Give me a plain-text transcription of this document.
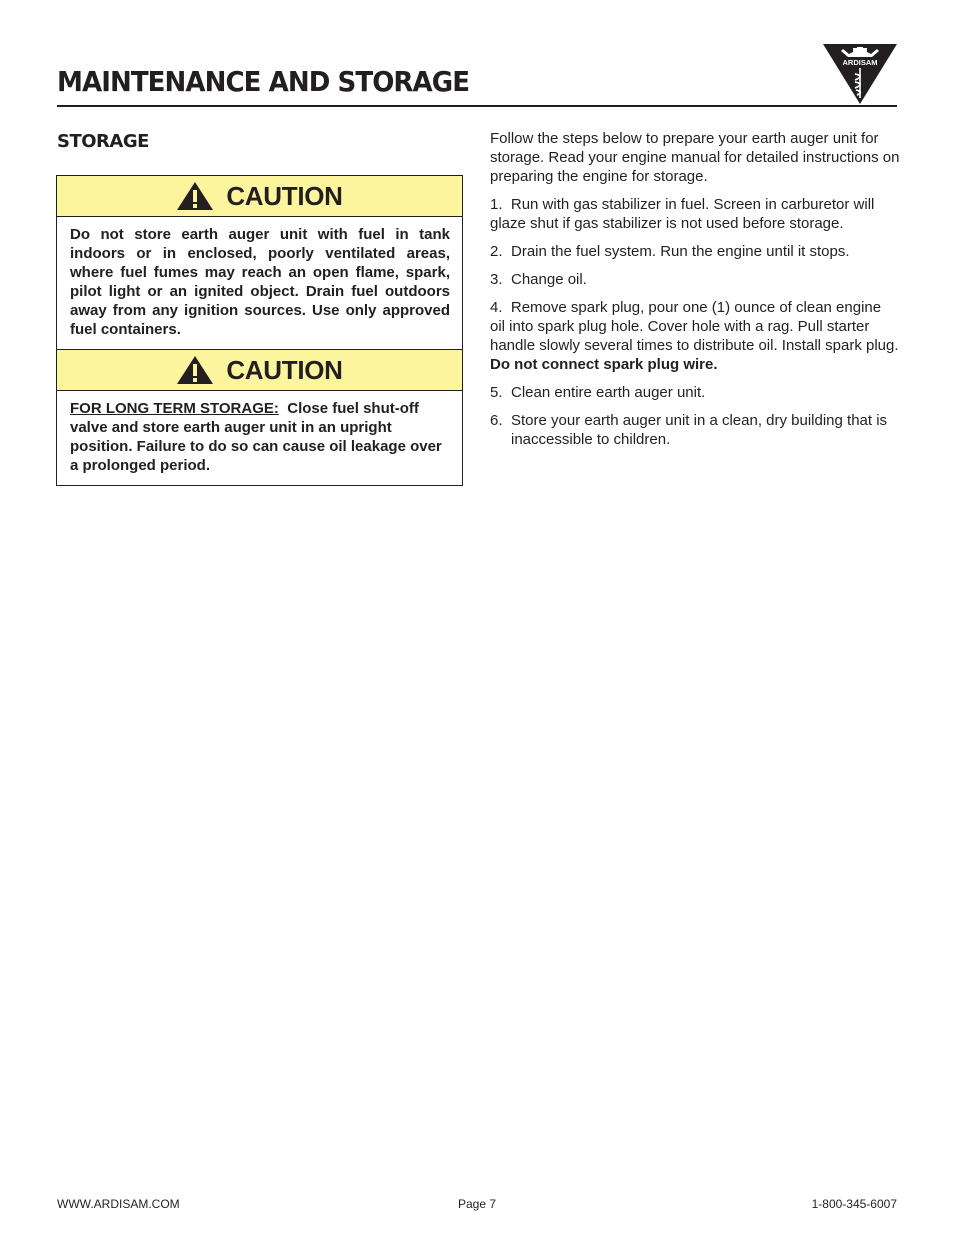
MAINTENANCE AND STORAGE
ARDISAM
STORAGE
CAUTION
Do not store earth auger unit with fuel in tank indoors or in enclosed, poorly ventilated areas, where fuel fumes may reach an open flame, spark, pilot light or an ignited object. Drain fuel outdoors away from any ignition sources. Use only approved fuel containers.
CAUTION
FOR LONG TERM STORAGE: Close fuel shut-off valve and store earth auger unit in an upright position. Failure to do so can cause oil leakage over a prolonged period.

Follow the steps below to prepare your earth auger unit for storage. Read your engine manual for detailed instructions on preparing the engine for storage.

1. Run with gas stabilizer in fuel. Screen in carburetor will glaze shut if gas stabilizer is not used before storage.
2. Drain the fuel system. Run the engine until it stops.
3. Change oil.
4. Remove spark plug, pour one (1) ounce of clean engine oil into spark plug hole. Cover hole with a rag. Pull starter handle slowly several times to distribute oil. Install spark plug. Do not connect spark plug wire.
5. Clean entire earth auger unit.
6. Store your earth auger unit in a clean, dry building that is inaccessible to children.
WWW.ARDISAM.COM	Page 7	1-800-345-6007
